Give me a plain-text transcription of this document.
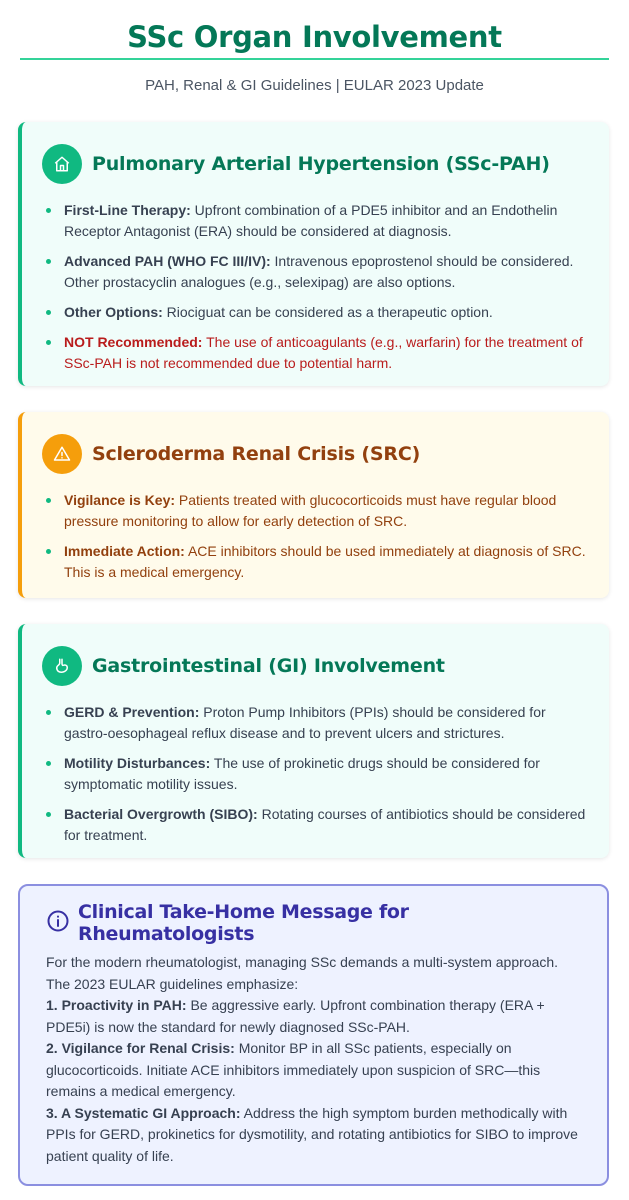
SSc Organ Involvement
PAH, Renal & GI Guidelines | EULAR 2023 Update
Pulmonary Arterial Hypertension (SSc-PAH)
First-Line Therapy: Upfront combination of a PDE5 inhibitor and an Endothelin Receptor Antagonist (ERA) should be considered at diagnosis.
Advanced PAH (WHO FC III/IV): Intravenous epoprostenol should be considered. Other prostacyclin analogues (e.g., selexipag) are also options.
Other Options: Riociguat can be considered as a therapeutic option.
NOT Recommended: The use of anticoagulants (e.g., warfarin) for the treatment of SSc-PAH is not recommended due to potential harm.
Scleroderma Renal Crisis (SRC)
Vigilance is Key: Patients treated with glucocorticoids must have regular blood pressure monitoring to allow for early detection of SRC.
Immediate Action: ACE inhibitors should be used immediately at diagnosis of SRC. This is a medical emergency.
Gastrointestinal (GI) Involvement
GERD & Prevention: Proton Pump Inhibitors (PPIs) should be considered for gastro-oesophageal reflux disease and to prevent ulcers and strictures.
Motility Disturbances: The use of prokinetic drugs should be considered for symptomatic motility issues.
Bacterial Overgrowth (SIBO): Rotating courses of antibiotics should be considered for treatment.
Clinical Take-Home Message for Rheumatologists

For the modern rheumatologist, managing SSc demands a multi-system approach. The 2023 EULAR guidelines emphasize:

1. Proactivity in PAH: Be aggressive early. Upfront combination therapy (ERA + PDE5i) is now the standard for newly diagnosed SSc-PAH.

2. Vigilance for Renal Crisis: Monitor BP in all SSc patients, especially on glucocorticoids. Initiate ACE inhibitors immediately upon suspicion of SRC—this remains a medical emergency.

3. A Systematic GI Approach: Address the high symptom burden methodically with PPIs for GERD, prokinetics for dysmotility, and rotating antibiotics for SIBO to improve patient quality of life.
